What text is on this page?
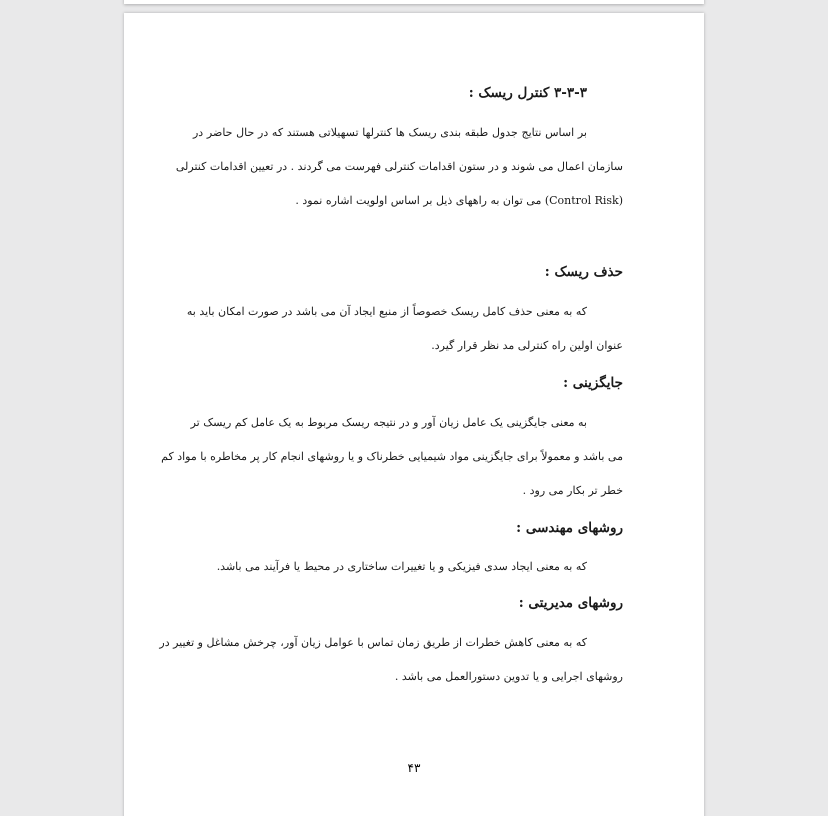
۳-۳-۳ کنترل ریسک :

بر اساس نتایج جدول طبقه بندی ریسک ها کنترلها تسهیلاتی هستند که در حال حاضر در
سازمان اعمال می شوند و در ستون اقدامات کنترلی فهرست می گردند . در تعیین اقدامات کنترلی
(Control Risk) می توان به راههای ذیل بر اساس اولویت اشاره نمود .

حذف ریسک :

که به معنی حذف کامل ریسک خصوصاً از منبع ایجاد آن می باشد در صورت امکان باید به
عنوان اولین راه کنترلی مد نظر قرار گیرد.

جایگزینی :

به معنی جایگزینی یک عامل زیان آور و در نتیجه ریسک مربوط به یک عامل کم ریسک تر
می باشد و معمولاً برای جایگزینی مواد شیمیایی خطرناک و یا روشهای انجام کار پر مخاطره با مواد کم
خطر تر بکار می رود .

روشهای مهندسی :

که به معنی ایجاد سدی فیزیکی و یا تغییرات ساختاری در محیط یا فرآیند می باشد.

روشهای مدیریتی :

که به معنی کاهش خطرات از طریق زمان تماس با عوامل زیان آور، چرخش مشاغل و تغییر در
روشهای اجرایی و یا تدوین دستورالعمل می باشد .

۴۳
